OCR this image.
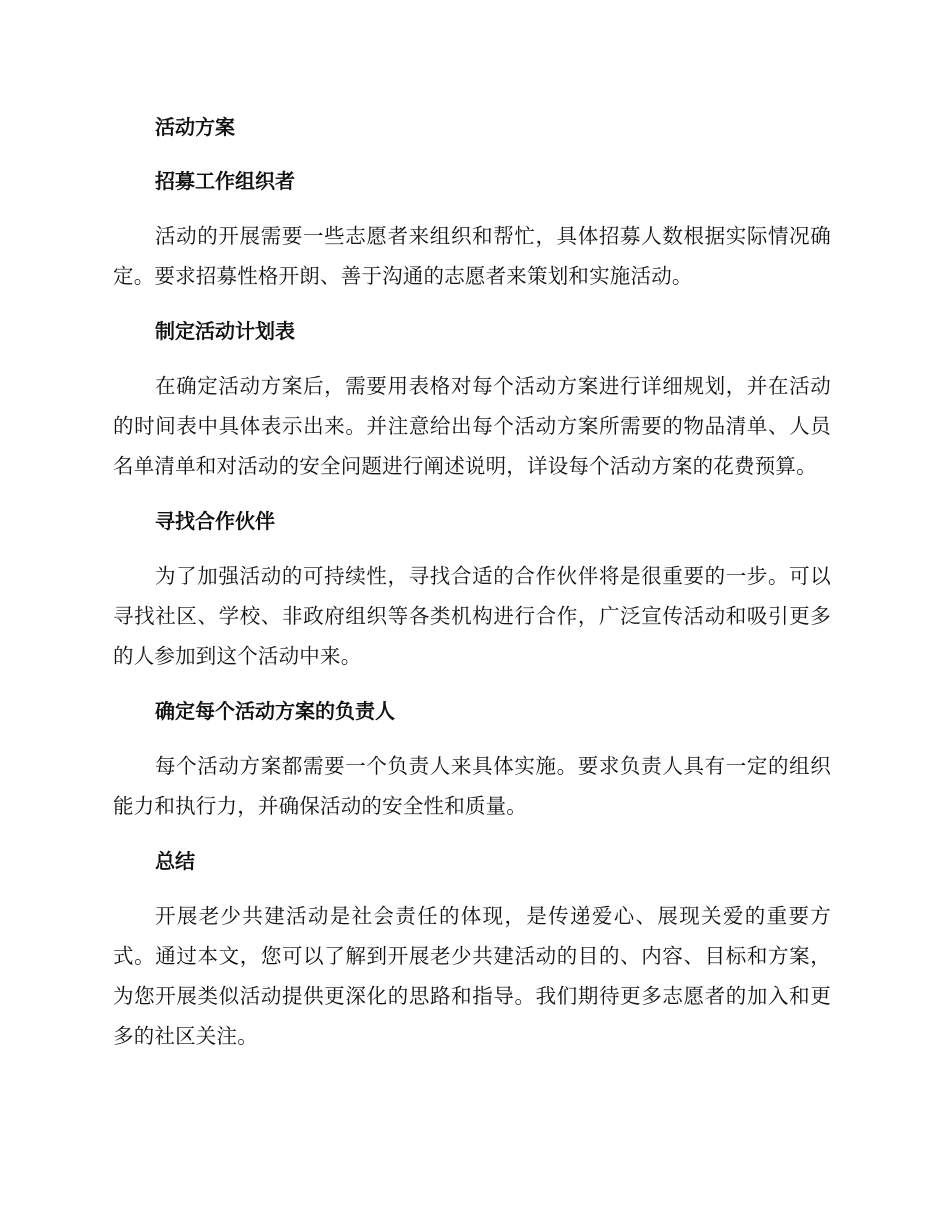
活动方案

招募工作组织者

活动的开展需要一些志愿者来组织和帮忙，具体招募人数根据实际情况确定。要求招募性格开朗、善于沟通的志愿者来策划和实施活动。

制定活动计划表

在确定活动方案后，需要用表格对每个活动方案进行详细规划，并在活动的时间表中具体表示出来。并注意给出每个活动方案所需要的物品清单、人员名单清单和对活动的安全问题进行阐述说明，详设每个活动方案的花费预算。

寻找合作伙伴

为了加强活动的可持续性，寻找合适的合作伙伴将是很重要的一步。可以寻找社区、学校、非政府组织等各类机构进行合作，广泛宣传活动和吸引更多的人参加到这个活动中来。

确定每个活动方案的负责人

每个活动方案都需要一个负责人来具体实施。要求负责人具有一定的组织能力和执行力，并确保活动的安全性和质量。

总结

开展老少共建活动是社会责任的体现，是传递爱心、展现关爱的重要方式。通过本文，您可以了解到开展老少共建活动的目的、内容、目标和方案，为您开展类似活动提供更深化的思路和指导。我们期待更多志愿者的加入和更多的社区关注。
